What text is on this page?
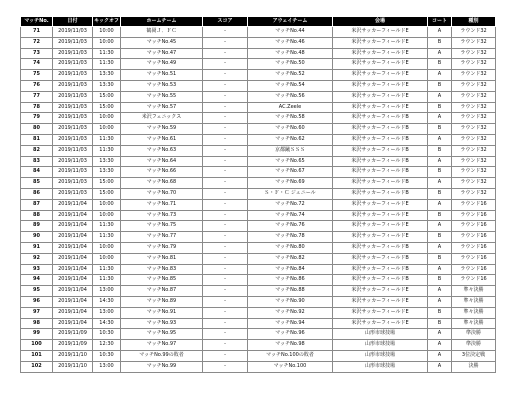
マッチNo.	日付	キックオフ	ホームチーム	スコア	アウェイチーム	会場	コート	種別
71	2019/11/03	10:00	鶴岡Ｊ．ＦＣ	-	マッチNo.44	米沢サッカーフィールドE	A	ラウンド32
72	2019/11/03	10:00	マッチNo.45	-	マッチNo.46	米沢サッカーフィールドE	B	ラウンド32
73	2019/11/03	11:30	マッチNo.47	-	マッチNo.48	米沢サッカーフィールドE	A	ラウンド32
74	2019/11/03	11:30	マッチNo.49	-	マッチNo.50	米沢サッカーフィールドE	B	ラウンド32
75	2019/11/03	13:30	マッチNo.51	-	マッチNo.52	米沢サッカーフィールドE	A	ラウンド32
76	2019/11/03	13:30	マッチNo.53	-	マッチNo.54	米沢サッカーフィールドE	B	ラウンド32
77	2019/11/03	15:00	マッチNo.55	-	マッチNo.56	米沢サッカーフィールドE	A	ラウンド32
78	2019/11/03	15:00	マッチNo.57	-	AC.Zeele	米沢サッカーフィールドE	B	ラウンド32
79	2019/11/03	10:00	米沢フェニックス	-	マッチNo.58	米沢サッカーフィールドB	A	ラウンド32
80	2019/11/03	10:00	マッチNo.59	-	マッチNo.60	米沢サッカーフィールドB	B	ラウンド32
81	2019/11/03	11:30	マッチNo.61	-	マッチNo.62	米沢サッカーフィールドB	A	ラウンド32
82	2019/11/03	11:30	マッチNo.63	-	京都蹴ＳＳＳ	米沢サッカーフィールドB	B	ラウンド32
83	2019/11/03	13:30	マッチNo.64	-	マッチNo.65	米沢サッカーフィールドB	A	ラウンド32
84	2019/11/03	13:30	マッチNo.66	-	マッチNo.67	米沢サッカーフィールドB	B	ラウンド32
85	2019/11/03	15:00	マッチNo.68	-	マッチNo.69	米沢サッカーフィールドB	A	ラウンド32
86	2019/11/03	15:00	マッチNo.70	-	Ｓ・Ｆ・Ｃ ジュニール	米沢サッカーフィールドB	B	ラウンド32
87	2019/11/04	10:00	マッチNo.71	-	マッチNo.72	米沢サッカーフィールドE	A	ラウンド16
88	2019/11/04	10:00	マッチNo.73	-	マッチNo.74	米沢サッカーフィールドE	B	ラウンド16
89	2019/11/04	11:30	マッチNo.75	-	マッチNo.76	米沢サッカーフィールドE	A	ラウンド16
90	2019/11/04	11:30	マッチNo.77	-	マッチNo.78	米沢サッカーフィールドE	B	ラウンド16
91	2019/11/04	10:00	マッチNo.79	-	マッチNo.80	米沢サッカーフィールドB	A	ラウンド16
92	2019/11/04	10:00	マッチNo.81	-	マッチNo.82	米沢サッカーフィールドB	B	ラウンド16
93	2019/11/04	11:30	マッチNo.83	-	マッチNo.84	米沢サッカーフィールドB	A	ラウンド16
94	2019/11/04	11:30	マッチNo.85	-	マッチNo.86	米沢サッカーフィールドB	B	ラウンド16
95	2019/11/04	13:00	マッチNo.87	-	マッチNo.88	米沢サッカーフィールドE	A	準々決勝
96	2019/11/04	14:30	マッチNo.89	-	マッチNo.90	米沢サッカーフィールドE	A	準々決勝
97	2019/11/04	13:00	マッチNo.91	-	マッチNo.92	米沢サッカーフィールドE	B	準々決勝
98	2019/11/04	14:30	マッチNo.93	-	マッチNo.94	米沢サッカーフィールドE	B	準々決勝
99	2019/11/09	10:30	マッチNo.95	-	マッチNo.96	山形市球技場	A	準決勝
100	2019/11/09	12:30	マッチNo.97	-	マッチNo.98	山形市球技場	A	準決勝
101	2019/11/10	10:30	マッチNo.99の敗者	-	マッチNo.100の敗者	山形市球技場	A	3位決定戦
102	2019/11/10	13:00	マッチNo.99	-	マッチNo.100	山形市球技場	A	決勝
